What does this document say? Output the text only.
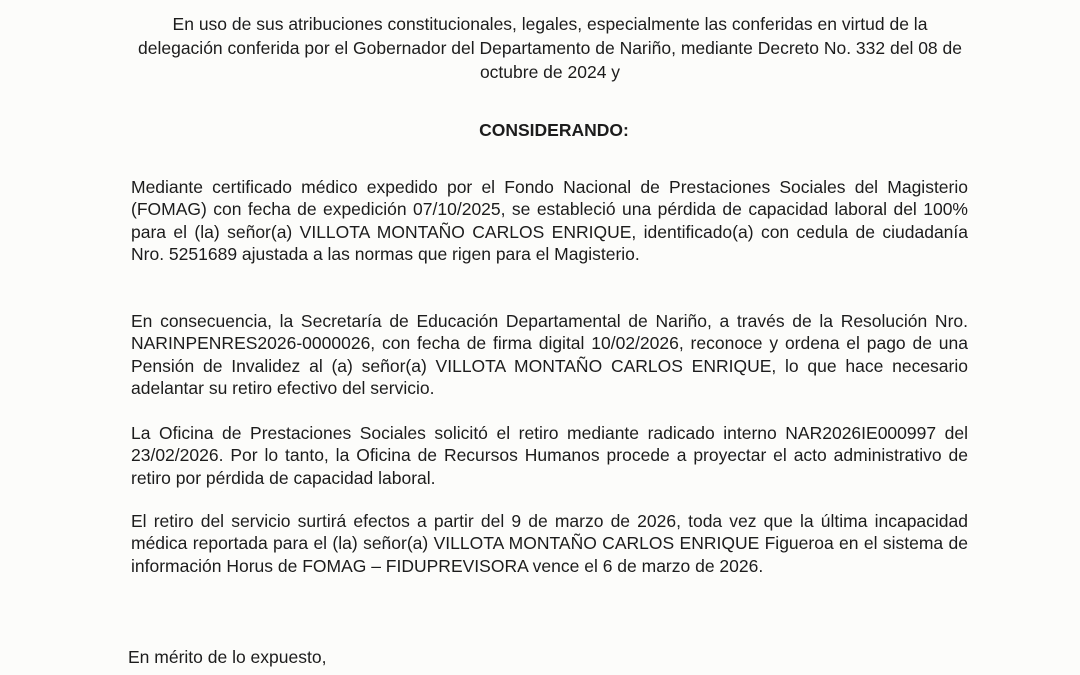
En uso de sus atribuciones constitucionales, legales, especialmente las conferidas en virtud de la delegación conferida por el Gobernador del Departamento de Nariño, mediante Decreto No. 332 del 08 de octubre de 2024 y
CONSIDERANDO:
Mediante certificado médico expedido por el Fondo Nacional de Prestaciones Sociales del Magisterio (FOMAG) con fecha de expedición 07/10/2025, se estableció una pérdida de capacidad laboral del 100% para el (la) señor(a) VILLOTA MONTAÑO CARLOS ENRIQUE, identificado(a) con cedula de ciudadanía Nro. 5251689 ajustada a las normas que rigen para el Magisterio.
En consecuencia, la Secretaría de Educación Departamental de Nariño, a través de la Resolución Nro. NARINPENRES2026-0000026, con fecha de firma digital 10/02/2026, reconoce y ordena el pago de una Pensión de Invalidez al (a) señor(a) VILLOTA MONTAÑO CARLOS ENRIQUE, lo que hace necesario adelantar su retiro efectivo del servicio.
La Oficina de Prestaciones Sociales solicitó el retiro mediante radicado interno NAR2026IE000997 del 23/02/2026. Por lo tanto, la Oficina de Recursos Humanos procede a proyectar el acto administrativo de retiro por pérdida de capacidad laboral.
El retiro del servicio surtirá efectos a partir del 9 de marzo de 2026, toda vez que la última incapacidad médica reportada para el (la) señor(a) VILLOTA MONTAÑO CARLOS ENRIQUE Figueroa en el sistema de información Horus de FOMAG – FIDUPREVISORA vence el 6 de marzo de 2026.
En mérito de lo expuesto,
